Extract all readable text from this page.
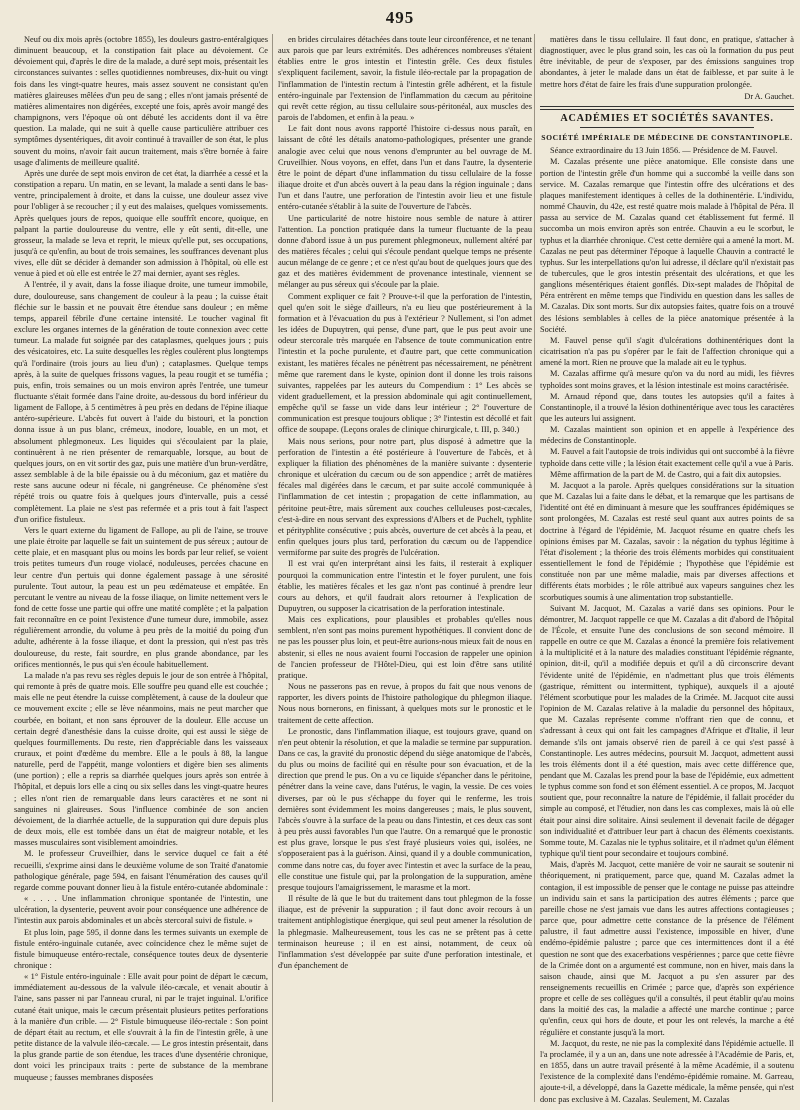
495

Neuf ou dix mois après (octobre 1855), les douleurs gastro-entéralgiques diminuent beaucoup, et la constipation fait place au dévoiement. Ce dévoiement qui, d'après le dire de la malade, a duré sept mois, présentait les circonstances suivantes : selles quotidiennes nombreuses, dix-huit ou vingt fois dans les vingt-quatre heures, mais assez souvent ne consistant qu'en matières glaireuses mêlées d'un peu de sang ; elles n'ont jamais présenté de matières alimentaires non digérées, excepté une fois, après avoir mangé des champignons, vers l'époque où ont débuté les accidents dont il va être question. La malade, qui ne suit à quelle cause particulière attribuer ces symptômes dysentériques, dit avoir continué à travailler de son état, le plus souvent du moins, n'avoir fait aucun traitement, mais s'être bornée à faire usage d'aliments de meilleure qualité.

Après une durée de sept mois environ de cet état, la diarrhée a cessé et la constipation a reparu. Un matin, en se levant, la malade a senti dans le bas-ventre, principalement à droite, et dans la cuisse, une douleur assez vive pour l'obliger à se recoucher ; il y eut des malaises, quelques vomissements. Après quelques jours de repos, quoique elle souffrît encore, quoique, en palpant la partie douloureuse du ventre, elle y eût senti, dit-elle, une grosseur, la malade se leva et reprit, le mieux qu'elle put, ses occupations, jusqu'à ce qu'enfin, au bout de trois semaines, les souffrances devenant plus vives, elle dût se décider à demander son admission à l'hôpital, où elle est venue à pied et où elle est entrée le 27 mai dernier, ayant ses règles.

A l'entrée, il y avait, dans la fosse iliaque droite, une tumeur immobile, dure, douloureuse, sans changement de couleur à la peau ; la cuisse était fléchie sur le bassin et ne pouvait être étendue sans douleur ; en même temps, appareil fébrile d'une certaine intensité. Le toucher vaginal fit exclure les organes internes de la génération de toute connexion avec cette tumeur. La malade fut soignée par des cataplasmes, quelques jours ; puis des vésicatoires, etc. La suite desquelles les règles coulèrent plus longtemps qu'à l'ordinaire (trois jours au lieu d'un) ; cataplasmes. Quelque temps après, à la suite de quelques frissons vagues, la peau rougit et se tuméfia ; puis, enfin, trois semaines ou un mois environ après l'entrée, une tumeur fluctuante s'était formée dans l'aine droite, au-dessous du bord inférieur du ligament de Fallope, à 5 centimètres à peu près en dedans de l'épine iliaque antéro-supérieure. L'abcès fut ouvert à l'aide du bistouri, et la ponction donna issue à un pus blanc, crémeux, inodore, louable, en un mot, et absolument phlegmoneux. Les liquides qui s'écoulaient par la plaie, continuèrent à ne rien présenter de remarquable, lorsque, au bout de quelques jours, on en vit sortir des gaz, puis une matière d'un brun-verdâtre, assez semblable à de la bile épaissie ou à du méconium, gaz et matière du reste sans aucune odeur ni fécale, ni gangréneuse. Ce phénomène s'est répété trois ou quatre fois à quelques jours d'intervalle, puis a cessé complètement. La plaie ne s'est pas refermée et a pris tout à fait l'aspect d'un orifice fistuleux.

Vers le quart externe du ligament de Fallope, au pli de l'aine, se trouve une plaie étroite par laquelle se fait un suintement de pus séreux ; autour de cette plaie, et en masquant plus ou moins les bords par leur relief, se voient trois petites tumeurs d'un rouge violacé, noduleuses, percées chacune en leur centre d'un pertuis qui donne également passage à une sérosité purulente. Tout autour, la peau est un peu œdémateuse et empâtée. En percutant le ventre au niveau de la fosse iliaque, on limite nettement vers le fond de cette fosse une partie qui offre une matité complète ; et la palpation fait reconnaître en ce point l'existence d'une tumeur dure, immobile, assez régulièrement arrondie, du volume à peu près de la moitié du poing d'un adulte, adhérente à la fosse iliaque, et dont la pression, qui n'est pas très douloureuse, du reste, fait sourdre, en plus grande abondance, par les orifices mentionnés, le pus qui s'en écoule habituellement.

La malade n'a pas revu ses règles depuis le jour de son entrée à l'hôpital, qui remonte à près de quatre mois. Elle souffre peu quand elle est couchée ; mais elle ne peut étendre la cuisse complètement, à cause de la douleur que ce mouvement excite ; elle se lève néanmoins, mais ne peut marcher que courbée, en boitant, et non sans éprouver de la douleur. Elle accuse un certain degré d'anesthésie dans la cuisse droite, qui est aussi le siège de quelques fourmillements. Du reste, rien d'appréciable dans les vaisseaux cruraux, et point d'œdème du membre. Elle a le pouls à 88, la langue naturelle, perd de l'appétit, mange volontiers et digère bien ses aliments (une portion) ; elle a repris sa diarrhée quelques jours après son entrée à l'hôpital, et depuis lors elle a cinq ou six selles dans les vingt-quatre heures ; elles n'ont rien de remarquable dans leurs caractères et ne sont ni sanguines ni glaireuses. Sous l'influence combinée de son ancien dévoiement, de la diarrhée actuelle, de la suppuration qui dure depuis plus de deux mois, elle est tombée dans un état de maigreur notable, et les masses musculaires sont visiblement amoindries.

M. le professeur Cruveilhier, dans le service duquel ce fait a été recueilli, s'exprime ainsi dans le deuxième volume de son Traité d'anatomie pathologique générale, page 594, en faisant l'énumération des causes qu'il regarde comme pouvant donner lieu à la fistule entéro-cutanée abdominale :

« . . . . Une inflammation chronique spontanée de l'intestin, une ulcération, la dysenterie, peuvent avoir pour conséquence une adhérence de l'intestin aux parois abdominales et un abcès stercoral suivi de fistule. »

Et plus loin, page 595, il donne dans les termes suivants un exemple de fistule entéro-inguinale cutanée, avec coïncidence chez le même sujet de fistule bimuqueuse entéro-rectale, conséquence toutes deux de dysenterie chronique :

« 1° Fistule entéro-inguinale : Elle avait pour point de départ le cæcum, immédiatement au-dessous de la valvule iléo-cæcale, et venait aboutir à l'aine, sans passer ni par l'anneau crural, ni par le trajet inguinal. L'orifice cutané était unique, mais le cæcum présentait plusieurs petites perforations à la manière d'un crible. — 2° Fistule bimuqueuse iléo-rectale : Son point de départ était au rectum, et elle s'ouvrait à la fin de l'intestin grêle, à une petite distance de la valvule iléo-cæcale. — Le gros intestin présentait, dans la plus grande partie de son étendue, les traces d'une dysentérie chronique, dont voici les principaux traits : perte de substance de la membrane muqueuse ; fausses membranes disposées

en brides circulaires détachées dans toute leur circonférence, et ne tenant aux parois que par leurs extrémités. Des adhérences nombreuses s'étaient établies entre le gros intestin et l'intestin grêle. Ces deux fistules s'expliquent facilement, savoir, la fistule iléo-rectale par la propagation de l'inflammation de l'intestin rectum à l'intestin grêle adhérent, et la fistule entéro-inguinale par l'extension de l'inflammation du cæcum au péritoine qui revêt cette région, au tissu cellulaire sous-péritonéal, aux muscles des parois de l'abdomen, et enfin à la peau. »

Le fait dont nous avons rapporté l'histoire ci-dessus nous paraît, en laissant de côté les détails anatomo-pathologiques, présenter une grande analogie avec celui que nous venons d'emprunter au bel ouvrage de M. Cruveilhier. Nous voyons, en effet, dans l'un et dans l'autre, la dysenterie être le point de départ d'une inflammation du tissu cellulaire de la fosse iliaque droite et d'un abcès ouvert à la peau dans la région inguinale ; dans l'un et dans l'autre, une perforation de l'intestin avoir lieu et une fistule entéro-cutanée s'établir à la suite de l'ouverture de l'abcès.

Une particularité de notre histoire nous semble de nature à attirer l'attention. La ponction pratiquée dans la tumeur fluctuante de la peau donne d'abord issue à un pus purement phlegmoneux, nullement altéré par des matières fécales ; celui qui s'écoule pendant quelque temps ne présente aucun mélange de ce genre ; et ce n'est qu'au bout de quelques jours que des gaz et des matières évidemment de provenance intestinale, viennent se mélanger au pus séreux qui s'écoule par la plaie.

Comment expliquer ce fait ? Prouve-t-il que la perforation de l'intestin, quel qu'en soit le siège d'ailleurs, n'a eu lieu que postérieurement à la formation et à l'évacuation du pus à l'extérieur ? Nullement, si l'on admet les idées de Dupuytren, qui pense, d'une part, que le pus peut avoir une odeur stercorale très marquée en l'absence de toute communication entre l'intestin et la poche purulente, et d'autre part, que cette communication existant, les matières fécales ne pénètrent pas nécessairement, ne pénètrent même que rarement dans le kyste, opinion dont il donne les trois raisons suivantes, rappelées par les auteurs du Compendium : 1° Les abcès se vident graduellement, et la pression abdominale qui agit continuellement, empêche qu'il se fasse un vide dans leur intérieur ; 2° l'ouverture de communication est presque toujours oblique ; 3° l'intestin est décollé et fait office de soupape. (Leçons orales de clinique chirurgicale, t. III, p. 340.)

Mais nous serions, pour notre part, plus disposé à admettre que la perforation de l'intestin a été postérieure à l'ouverture de l'abcès, et à expliquer la filiation des phénomènes de la manière suivante : dysenterie chronique et ulcération du cæcum ou de son appendice ; arrêt de matières fécales mal digérées dans le cæcum, et par suite accolé communiquée à l'inflammation de cet intestin ; propagation de cette inflammation, au péritoine peut-être, mais sûrement aux couches celluleuses post-cæcales, c'est-à-dire en nous servant des expressions d'Albers et de Puchelt, typhlite et pérityphlite consécutive ; puis abcès, ouverture de cet abcès à la peau, et enfin quelques jours plus tard, perforation du cæcum ou de l'appendice vermiforme par suite des progrès de l'ulcération.

Il est vrai qu'en interprétant ainsi les faits, il resterait à expliquer pourquoi la communication entre l'intestin et le foyer purulent, une fois établie, les matières fécales et les gaz n'ont pas continué à prendre leur cours au dehors, et qu'il faudrait alors retourner à l'explication de Dupuytren, ou supposer la cicatrisation de la perforation intestinale.

Mais ces explications, pour plausibles et probables qu'elles nous semblent, n'en sont pas moins purement hypothétiques. Il convient donc de ne pas les pousser plus loin, et peut-être aurions-nous mieux fait de nous en abstenir, si elles ne nous avaient fourni l'occasion de rappeler une opinion de l'ancien professeur de l'Hôtel-Dieu, qui est loin d'être sans utilité pratique.

Nous ne passerons pas en revue, à propos du fait que nous venons de rapporter, les divers points de l'histoire pathologique du phlegmon iliaque. Nous nous bornerons, en finissant, à quelques mots sur le pronostic et le traitement de cette affection.

Le pronostic, dans l'inflammation iliaque, est toujours grave, quand on n'en peut obtenir la résolution, et que la maladie se termine par suppuration. Dans ce cas, la gravité du pronostic dépend du siège anatomique de l'abcès, du plus ou moins de facilité qui en résulte pour son évacuation, et de la direction que prend le pus. On a vu ce liquide s'épancher dans le péritoine, pénétrer dans la veine cave, dans l'utérus, le vagin, la vessie. De ces voies diverses, par où le pus s'échappe du foyer qui le renferme, les trois dernières sont évidemment les moins dangereuses ; mais, le plus souvent, l'abcès s'ouvre à la surface de la peau ou dans l'intestin, et ces deux cas sont à peu près aussi favorables l'un que l'autre. On a remarqué que le pronostic est plus grave, lorsque le pus s'est frayé plusieurs voies qui, isolées, ne s'opposeraient pas à la guérison. Ainsi, quand il y a double communication, comme dans notre cas, du foyer avec l'intestin et avec la surface de la peau, elle constitue une fistule qui, par la prolongation de la suppuration, amène presque toujours l'amaigrissement, le marasme et la mort.

Il résulte de là que le but du traitement dans tout phlegmon de la fosse iliaque, est de prévenir la suppuration ; il faut donc avoir recours à un traitement antiphlogistique énergique, qui seul peut amener la résolution de la phlegmasie. Malheureusement, tous les cas ne se prêtent pas à cette terminaison heureuse ; il en est ainsi, notamment, de ceux où l'inflammation s'est développée par suite d'une perforation intestinale, et d'un épanchement de

matières dans le tissu cellulaire. Il faut donc, en pratique, s'attacher à diagnostiquer, avec le plus grand soin, les cas où la formation du pus peut être inévitable, de peur de s'exposer, par des émissions sanguines trop abondantes, à jeter le malade dans un état de faiblesse, et par suite à le mettre hors d'état de faire les frais d'une suppuration prolongée.

Dr A. Gauchet.
ACADÉMIES ET SOCIÉTÉS SAVANTES.
SOCIÉTÉ IMPÉRIALE DE MÉDECINE DE CONSTANTINOPLE.

Séance extraordinaire du 13 Juin 1856. — Présidence de M. Fauvel.

M. Cazalas présente une pièce anatomique. Elle consiste dans une portion de l'intestin grêle d'un homme qui a succombé la veille dans son service. M. Cazalas remarque que l'intestin offre des ulcérations et des plaques manifestement identiques à celles de la dothinentérie. L'individu, nommé Chauvin, du 42e, est resté quatre mois malade à l'hôpital de Péra. Il passa au service de M. Cazalas quand cet établissement fut fermé. Il succomba un mois environ après son entrée. Chauvin a eu le scorbut, le typhus et la diarrhée chronique. C'est cette dernière qui a amené la mort. M. Cazalas ne peut pas déterminer l'époque à laquelle Chauvin a contracté le typhus. Sur les interpellations qu'on lui adresse, il déclare qu'il n'existait pas de tubercules, que le gros intestin présentait des ulcérations, et que les ganglions mésentériques étaient gonflés. Dix-sept malades de l'hôpital de Péra entrèrent en même temps que l'individu en question dans les salles de M. Cazalas. Dix sont morts. Sur dix autopsies faites, quatre fois on a trouvé des lésions semblables à celles de la pièce anatomique présentée à la Société.

M. Fauvel pense qu'il s'agit d'ulcérations dothinentériques dont la cicatrisation n'a pas pu s'opérer par le fait de l'affection chronique qui a amené la mort. Rien ne prouve que la malade ait eu le typhus.

M. Cazalas affirme qu'à mesure qu'on va du nord au midi, les fièvres typhoïdes sont moins graves, et la lésion intestinale est moins caractérisée.

M. Arnaud répond que, dans toutes les autopsies qu'il a faites à Constantinople, il a trouvé la lésion dothinentérique avec tous les caractères que les auteurs lui assignent.

M. Cazalas maintient son opinion et en appelle à l'expérience des médecins de Constantinople.

M. Fauvel a fait l'autopsie de trois individus qui ont succombé à la fièvre typhoïde dans cette ville ; la lésion était exactement celle qu'il a vue à Paris.

Même affirmation de la part de M. de Castro, qui a fait dix autopsies.

M. Jacquot a la parole. Après quelques considérations sur la situation que M. Cazalas lui a faite dans le débat, et la remarque que les partisans de l'identité ont été en diminuant à mesure que les souffrances épidémiques se sont prolongées, M. Cazalas est resté seul quant aux autres points de sa doctrine à l'égard de l'épidémie, M. Jacquot résume en quatre chefs les opinions émises par M. Cazalas, savoir : la négation du typhus légitime à l'état d'isolement ; la théorie des trois éléments morbides qui constituaient essentiellement le fond de l'épidémie ; l'hypothèse que l'épidémie est constituée non par une même maladie, mais par diverses affections et différents états morbides ; le rôle attribué aux vapeurs sanguines chez les scorbutiques soumis à une alimentation trop substantielle.

Suivant M. Jacquot, M. Cazalas a varié dans ses opinions. Pour le démontrer, M. Jacquot rappelle ce que M. Cazalas a dit d'abord de l'hôpital de l'École, et ensuite l'une des conclusions de son second mémoire. Il rappelle en outre ce que M. Cazalas a énoncé la première fois relativement à la multiplicité et à la nature des maladies constituant l'épidémie régnante, opinion, dit-il, qu'il a modifiée depuis et qu'il a dû circonscrire devant l'évidente unité de l'épidémie, en n'admettant plus que trois éléments (gastrique, rémittent ou intermittent, typhique), auxquels il a ajouté l'élément scorbutique pour les malades de la Crimée. M. Jacquot cite aussi l'opinion de M. Cazalas relative à la maladie du personnel des hôpitaux, que M. Cazalas représente comme n'offrant rien que de connu, et s'adressant à ceux qui ont fait les campagnes d'Afrique et d'Italie, il leur demande s'ils ont jamais observé rien de pareil à ce qui s'est passé à Constantinople. Les autres médecins, poursuit M. Jacquot, admettent aussi les trois éléments dont il a été question, mais avec cette différence que, pendant que M. Cazalas les prend pour la base de l'épidémie, eux admettent le typhus comme son fond et son élément essentiel. A ce propos, M. Jacquot soutient que, pour reconnaître la nature de l'épidémie, il fallait procéder du simple au composé, et l'étudier, non dans les cas complexes, mais là où elle était pour ainsi dire solitaire. Ainsi seulement il devenait facile de dégager son individualité et d'attribuer leur part à chacun des éléments coexistants. Somme toute, M. Cazalas nie le typhus solitaire, et il n'admet qu'un élément typhique qu'il tient pour secondaire et toujours combiné.

Mais, d'après M. Jacquot, cette manière de voir ne saurait se soutenir ni théoriquement, ni pratiquement, parce que, quand M. Cazalas admet la contagion, il est impossible de penser que le contage ne puisse pas atteindre un individu sain et sans la participation des autres éléments ; parce que pareille chose ne s'est jamais vue dans les autres affections contagieuses ; parce que, pour admettre cette constance de la présence de l'élément palustre, il faut admettre aussi l'existence, impossible en hiver, d'une endémo-épidémie palustre ; parce que ces intermittences dont il a été question ne sont que des exacerbations vespériennes ; parce que cette fièvre de la Crimée dont on a argumenté est commune, non en hiver, mais dans la saison chaude, ainsi que M. Jacquot a pu s'en assurer par des renseignements recueillis en Crimée ; parce que, d'après son expérience propre et celle de ses collègues qu'il a consultés, il peut établir qu'au moins dans la moitié des cas, la maladie a affecté une marche continue ; parce qu'enfin, ceux qui hors de doute, et pour les ont relevés, la marche a été régulière et constante jusqu'à la mort.

M. Jacquot, du reste, ne nie pas la complexité dans l'épidémie actuelle. Il l'a proclamée, il y a un an, dans une note adressée à l'Académie de Paris, et, en 1855, dans un autre travail présenté à la même Académie, il a soutenu l'existence de la complexité dans l'endémo-épidémie romaine. M. Garreau, ajoute-t-il, a développé, dans la Gazette médicale, la même pensée, qui n'est donc pas exclusive à M. Cazalas. Seulement, M. Cazalas
